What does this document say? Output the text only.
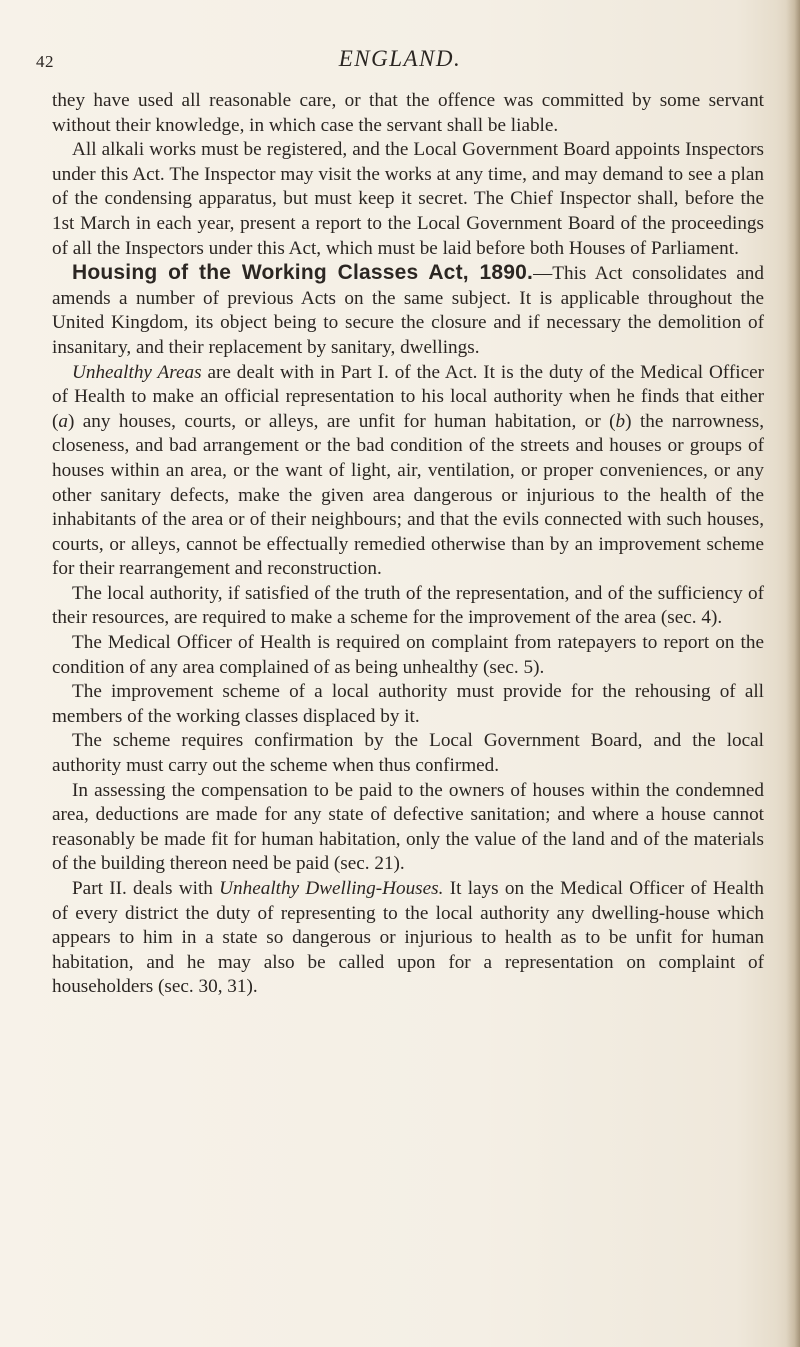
42	ENGLAND.

they have used all reasonable care, or that the offence was committed by some servant without their knowledge, in which case the servant shall be liable.

All alkali works must be registered, and the Local Government Board appoints Inspectors under this Act. The Inspector may visit the works at any time, and may demand to see a plan of the condensing apparatus, but must keep it secret. The Chief Inspector shall, before the 1st March in each year, present a report to the Local Government Board of the proceedings of all the Inspectors under this Act, which must be laid before both Houses of Parliament.

Housing of the Working Classes Act, 1890.—This Act consolidates and amends a number of previous Acts on the same subject. It is applicable throughout the United Kingdom, its object being to secure the closure and if necessary the demolition of insanitary, and their replacement by sanitary, dwellings.

Unhealthy Areas are dealt with in Part I. of the Act. It is the duty of the Medical Officer of Health to make an official representation to his local authority when he finds that either (a) any houses, courts, or alleys, are unfit for human habitation, or (b) the narrowness, closeness, and bad arrangement or the bad condition of the streets and houses or groups of houses within an area, or the want of light, air, ventilation, or proper conveniences, or any other sanitary defects, make the given area dangerous or injurious to the health of the inhabitants of the area or of their neighbours; and that the evils connected with such houses, courts, or alleys, cannot be effectually remedied otherwise than by an improvement scheme for their rearrangement and reconstruction.

The local authority, if satisfied of the truth of the representation, and of the sufficiency of their resources, are required to make a scheme for the improvement of the area (sec. 4).

The Medical Officer of Health is required on complaint from ratepayers to report on the condition of any area complained of as being unhealthy (sec. 5).

The improvement scheme of a local authority must provide for the rehousing of all members of the working classes displaced by it.

The scheme requires confirmation by the Local Government Board, and the local authority must carry out the scheme when thus confirmed.

In assessing the compensation to be paid to the owners of houses within the condemned area, deductions are made for any state of defective sanitation; and where a house cannot reasonably be made fit for human habitation, only the value of the land and of the materials of the building thereon need be paid (sec. 21).

Part II. deals with Unhealthy Dwelling-Houses. It lays on the Medical Officer of Health of every district the duty of representing to the local authority any dwelling-house which appears to him in a state so dangerous or injurious to health as to be unfit for human habitation, and he may also be called upon for a representation on complaint of householders (sec. 30, 31).
